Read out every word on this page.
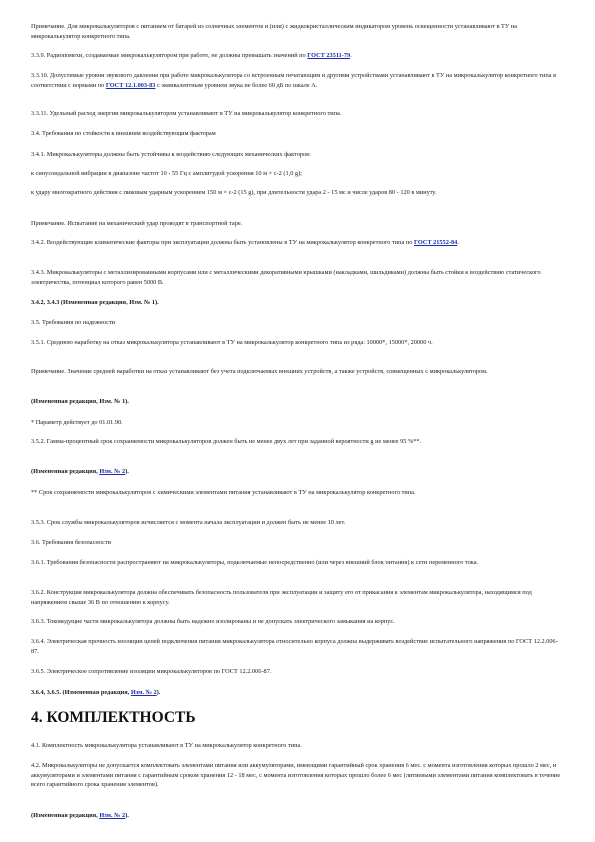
Примечание. Для микрокалькуляторов с питанием от батарей из солнечных элементов и (или) с жидкокристаллическим индикатором уровень освещенности устанавливают в ТУ на микрокалькулятор конкретного типа.

3.3.9. Радиопомехи, создаваемые микрокалькулятором при работе, не должны превышать значений по ГОСТ 23511-79.

3.3.10. Допустимые уровни звукового давления при работе микрокалькулятора со встроенным печатающим и другими устройствами устанавливают в ТУ на микрокалькулятор конкретного типа в соответствии с нормами по ГОСТ 12.1.003-83 с эквивалентным уровнем звука не более 60 дБ по шкале А.

3.3.11. Удельный расход энергии микрокалькулятором устанавливают в ТУ на микрокалькулятор конкретного типа.

3.4. Требования по стойкости к внешним воздействующим факторам

3.4.1. Микрокалькуляторы должны быть устойчивы к воздействию следующих механических факторов:

к синусоидальной вибрации в диапазоне частот 10 - 55 Гц с амплитудой ускорения 10 м × с-2 (1,0 g);

к удару многократного действия с пиковым ударным ускорением 150 м × с-2 (15 g), при длительности удара 2 - 15 мс и числе ударов 80 - 120 в минуту.

Примечание. Испытание на механический удар проводят в транспортной таре.

3.4.2. Воздействующие климатические факторы при эксплуатации должны быть установлены в ТУ на микрокалькулятор конкретного типа по ГОСТ 21552-84.

3.4.3. Микрокалькуляторы с металлизированными корпусами или с металлическими декоративными крышками (накладками, шильдиками) должны быть стойки к воздействию статического электричества, потенциал которого равен 5000 В.

3.4.2, 3.4.3 (Измененная редакция, Изм. № 1).

3.5. Требования по надежности

3.5.1. Среднюю наработку на отказ микрокалькулятора устанавливают в ТУ на микрокалькулятор конкретного типа из ряда: 10000*, 15000*, 20000 ч.

Примечание. Значение средней наработки на отказ устанавливают без учета подключаемых внешних устройств, а также устройств, совмещенных с микрокалькулятором.

(Измененная редакция, Изм. № 1).

* Параметр действует до 01.01.90.

3.5.2. Гамма-процентный срок сохраняемости микрокалькуляторов должен быть не менее двух лет при заданной вероятности g не менее 95 %**.

(Измененная редакция, Изм. № 2).

** Срок сохраняемости микрокалькуляторов с химическими элементами питания устанавливают в ТУ на микрокалькулятор конкретного типа.

3.5.3. Срок службы микрокалькуляторов исчисляется с момента начала эксплуатации и должен быть не менее 10 лет.

3.6. Требования безопасности

3.6.1. Требования безопасности распространяют на микрокалькуляторы, подключаемые непосредственно (или через внешний блок питания) к сети переменного тока.

3.6.2. Конструкция микрокалькулятора должна обеспечивать безопасность пользователя при эксплуатации и защиту его от прикасания к элементам микрокалькулятора, находящимся под напряжением свыше 36 В по отношению к корпусу.

3.6.3. Токоведущие части микрокалькулятора должны быть надежно изолированы и не допускать электрического замыкания на корпус.

3.6.4. Электрическая прочность изоляции цепей подключения питания микрокалькулятора относительно корпуса должна выдерживать воздействие испытательного напряжения по ГОСТ 12.2.006-87.

3.6.5. Электрическое сопротивление изоляции микрокалькуляторов по ГОСТ 12.2.006-87.

3.6.4, 3.6.5. (Измененная редакция, Изм. № 2).

4. КОМПЛЕКТНОСТЬ

4.1. Комплектность микрокалькулятора устанавливают в ТУ на микрокалькулятор конкретного типа.

4.2. Микрокалькуляторы не допускается комплектовать элементами питания или аккумуляторами, имеющими гарантийный срок хранения 6 мес. с момента изготовления которых прошло 2 мес, и аккумуляторами и элементами питания с гарантийным сроком хранения 12 - 18 мес, с момента изготовления которых прошло более 6 мес (литиевыми элементами питания комплектовать в течение всего гарантийного срока хранения элементов).

(Измененная редакция, Изм. № 2).
